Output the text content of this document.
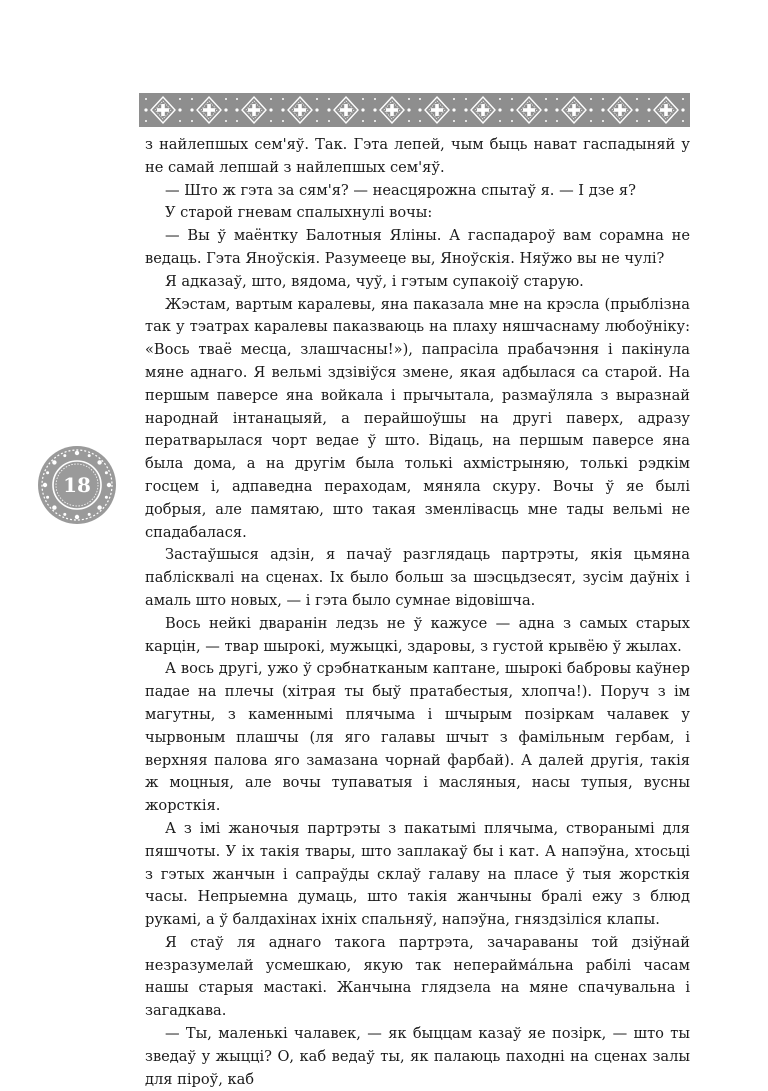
з найлепшых сем'яў. Так. Гэта лепей, чым быць нават гаспадыняй у не самай лепшай з найлепшых сем'яў.

— Што ж гэта за сям'я? — неасцярожна спытаў я. — І дзе я?

У старой гневам спалыхнулі вочы:

— Вы ў маёнтку Балотныя Яліны. А гаспадароў вам сорамна не ведаць. Гэта Яноўскія. Разумееце вы, Яноўскія. Няўжо вы не чулі?

Я адказаў, што, вядома, чуў, і гэтым супакоіў старую.

Жэстам, вартым каралевы, яна паказала мне на крэсла (прыблізна так у тэатрах каралевы паказваюць на плаху няшчаснаму любоўніку: «Вось тваё месца, злашчасны!»), папрасіла прабачэння і пакінула мяне аднаго. Я вельмі здзівіўся змене, якая адбылася са старой. На першым паверсе яна войкала і прычытала, размаўляла з выразнай народнай інтанацыяй, а перайшоўшы на другі паверх, адразу ператварылася чорт ведае ў што. Відаць, на першым паверсе яна была дома, а на другім была толькі ахмістрыняю, толькі рэдкім госцем і, адпаведна пераходам, мяняла скуру. Вочы ў яе былі добрыя, але памятаю, што такая зменлівасць мне тады вельмі не спадабалася.

Застаўшыся адзін, я пачаў разглядаць партрэты, якія цьмяна паблісквалі на сценах. Іх было больш за шэсцьдзесят, зусім даўніх і амаль што новых, — і гэта было сумнае відовішча.

Вось нейкі дваранін ледзь не ў кажусе — адна з самых старых карцін, — твар шырокі, мужыцкі, здаровы, з густой крывёю ў жылах.

А вось другі, ужо ў срэбнатканым каптане, шырокі бабровы каўнер падае на плечы (хітрая ты быў пратабестыя, хлопча!). Поруч з ім магутны, з каменнымі плячыма і шчырым позіркам чалавек у чырвоным плашчы (ля яго галавы шчыт з фамільным гербам, і верхняя палова яго замазана чорнай фарбай). А далей другія, такія ж моцныя, але вочы тупаватыя і масляныя, насы тупыя, вусны жорсткія.

А з імі жаночыя партрэты з пакатымі плячыма, створанымі для пяшчоты. У іх такія твары, што заплакаў бы і кат. А напэўна, хтосьці з гэтых жанчын і сапраўды склаў галаву на пласе ў тыя жорсткія часы. Непрыемна думаць, што такія жанчыны бралі ежу з блюд рукамі, а ў балдахінах іхніх спальняў, напэўна, гняздзіліся клапы.

Я стаў ля аднаго такога партрэта, зачараваны той дзіўнай незразумелай усмешкаю, якую так неперайма́льна рабілі часам нашы старыя мастакі. Жанчына глядзела на мяне спачувальна і загадкава.

— Ты, маленькі чалавек, — як быццам казаў яе позірк, — што ты зведаў у жыцці? О, каб ведаў ты, як палаюць паходні на сценах залы для піроў, каб

18
